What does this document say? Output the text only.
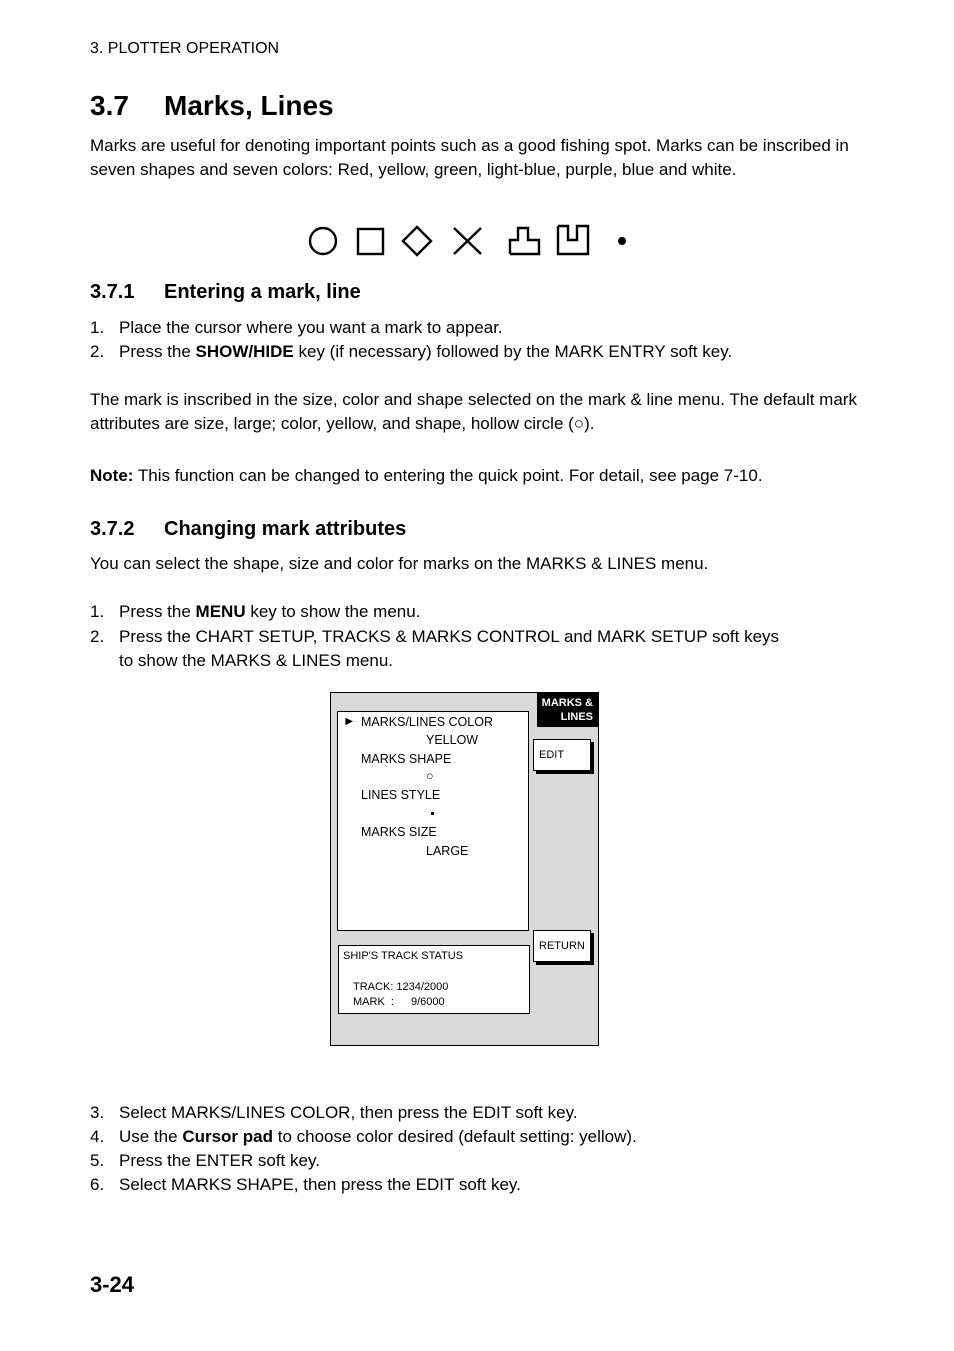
3. PLOTTER OPERATION
3.7 Marks, Lines
Marks are useful for denoting important points such as a good fishing spot. Marks can be inscribed in seven shapes and seven colors: Red, yellow, green, light-blue, purple, blue and white.
3.7.1 Entering a mark, line
1. Place the cursor where you want a mark to appear.
2. Press the SHOW/HIDE key (if necessary) followed by the MARK ENTRY soft key.
The mark is inscribed in the size, color and shape selected on the mark & line menu. The default mark attributes are size, large; color, yellow, and shape, hollow circle (○).
Note: This function can be changed to entering the quick point. For detail, see page 7-10.
3.7.2 Changing mark attributes
You can select the shape, size and color for marks on the MARKS & LINES menu.
1. Press the MENU key to show the menu.
2. Press the CHART SETUP, TRACKS & MARKS CONTROL and MARK SETUP soft keys
to show the MARKS & LINES menu.
MARKS &
LINES
► MARKS/LINES COLOR
YELLOW
MARKS SHAPE
○
LINES STYLE
MARKS SIZE
LARGE
EDIT
RETURN
SHIP'S TRACK STATUS
TRACK: 1234/2000
MARK  : 9/6000
3. Select MARKS/LINES COLOR, then press the EDIT soft key.
4. Use the Cursor pad to choose color desired (default setting: yellow).
5. Press the ENTER soft key.
6. Select MARKS SHAPE, then press the EDIT soft key.
3-24
